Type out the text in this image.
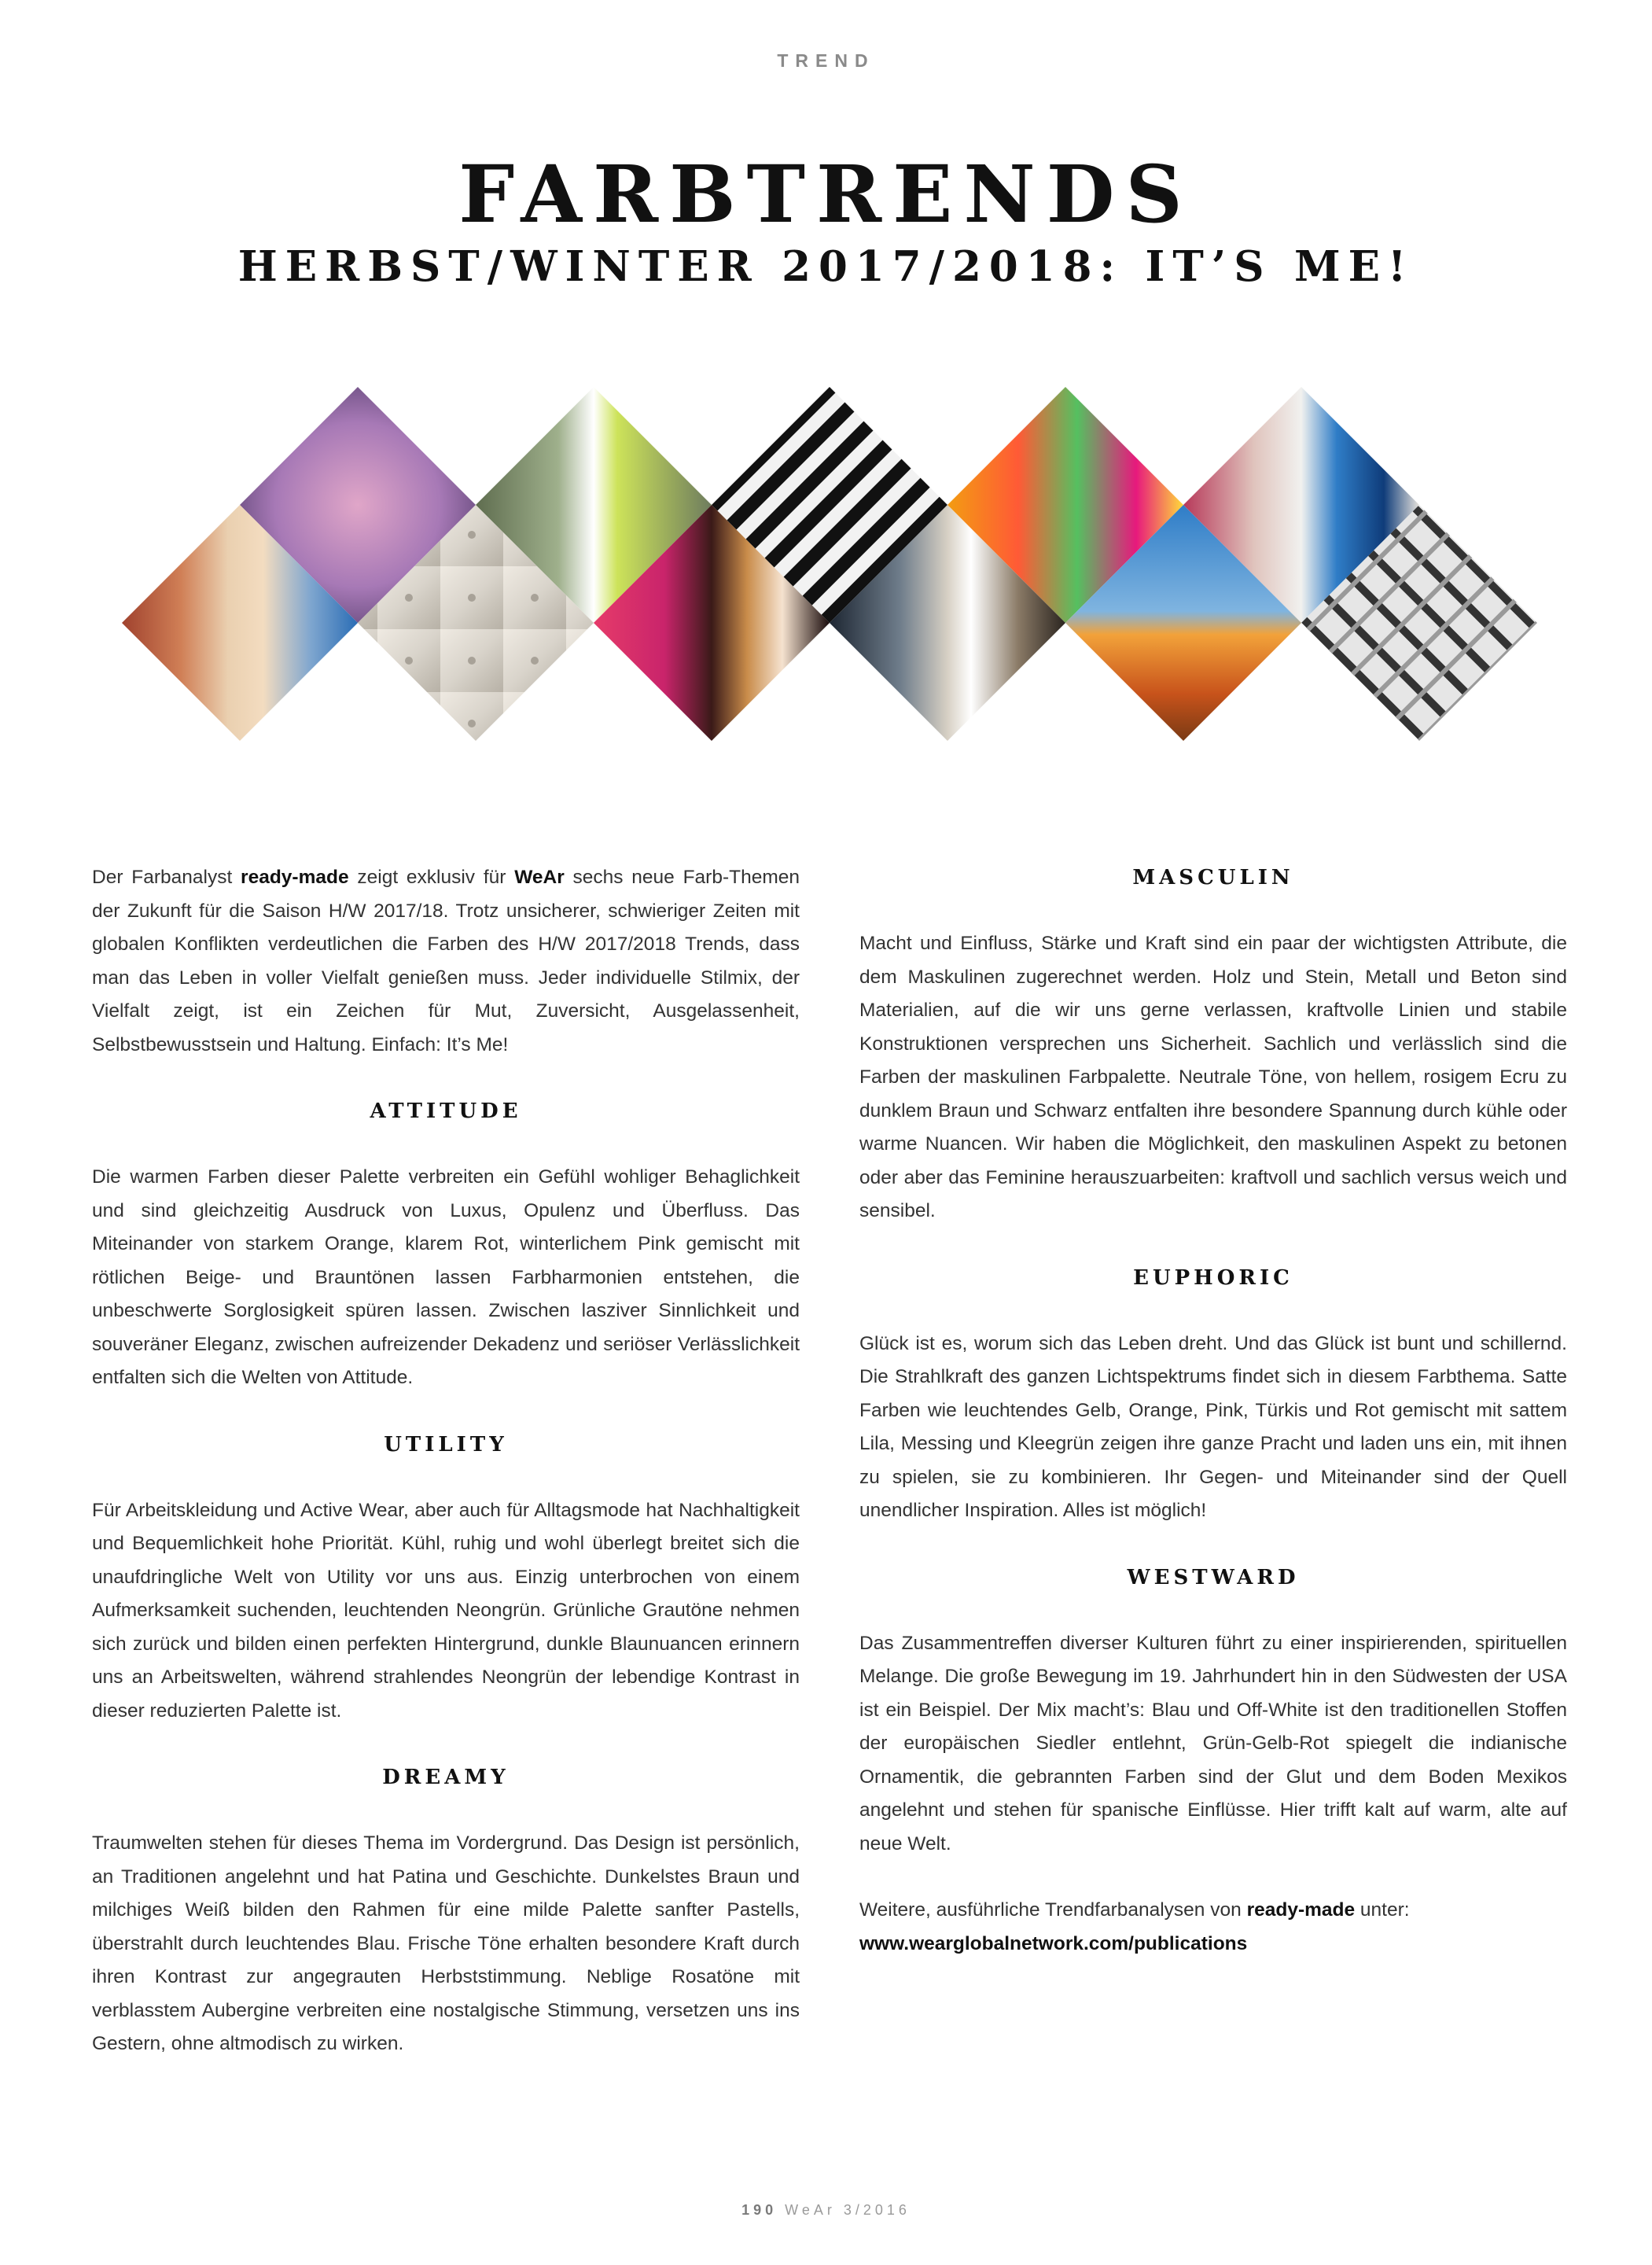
TREND
FARBTRENDS
HERBST/WINTER 2017/2018: IT’S ME!

Der Farbanalyst ready-made zeigt exklusiv für WeAr sechs neue Farb-Themen der Zukunft für die Saison H/W 2017/18. Trotz unsicherer, schwieriger Zeiten mit globalen Konflikten verdeutlichen die Farben des H/W 2017/2018 Trends, dass man das Leben in voller Vielfalt genießen muss. Jeder individuelle Stilmix, der Vielfalt zeigt, ist ein Zeichen für Mut, Zuversicht, Ausgelassenheit, Selbstbewusstsein und Haltung. Einfach: It’s Me!

ATTITUDE

Die warmen Farben dieser Palette verbreiten ein Gefühl wohliger Behaglichkeit und sind gleichzeitig Ausdruck von Luxus, Opulenz und Überfluss. Das Miteinander von starkem Orange, klarem Rot, winterlichem Pink gemischt mit rötlichen Beige- und Brauntönen lassen Farbharmonien entstehen, die unbeschwerte Sorglosigkeit spüren lassen. Zwischen lasziver Sinnlichkeit und souveräner Eleganz, zwischen aufreizender Dekadenz und seriöser Verlässlichkeit entfalten sich die Welten von Attitude.

UTILITY

Für Arbeitskleidung und Active Wear, aber auch für Alltagsmode hat Nachhaltigkeit und Bequemlichkeit hohe Priorität. Kühl, ruhig und wohl überlegt breitet sich die unaufdringliche Welt von Utility vor uns aus. Einzig unterbrochen von einem Aufmerksamkeit suchenden, leuchtenden Neongrün. Grünliche Grautöne nehmen sich zurück und bilden einen perfekten Hintergrund, dunkle Blaunuancen erinnern uns an Arbeitswelten, während strahlendes Neongrün der lebendige Kontrast in dieser reduzierten Palette ist.

DREAMY

Traumwelten stehen für dieses Thema im Vordergrund. Das Design ist persönlich, an Traditionen angelehnt und hat Patina und Geschichte. Dunkelstes Braun und milchiges Weiß bilden den Rahmen für eine milde Palette sanfter Pastells, überstrahlt durch leuchtendes Blau. Frische Töne erhalten besondere Kraft durch ihren Kontrast zur angegrauten Herbststimmung. Neblige Rosatöne mit verblasstem Aubergine verbreiten eine nostalgische Stimmung, versetzen uns ins Gestern, ohne altmodisch zu wirken.

MASCULIN

Macht und Einfluss, Stärke und Kraft sind ein paar der wichtigsten Attribute, die dem Maskulinen zugerechnet werden. Holz und Stein, Metall und Beton sind Materialien, auf die wir uns gerne verlassen, kraftvolle Linien und stabile Konstruktionen versprechen uns Sicherheit. Sachlich und verlässlich sind die Farben der maskulinen Farbpalette. Neutrale Töne, von hellem, rosigem Ecru zu dunklem Braun und Schwarz entfalten ihre besondere Spannung durch kühle oder warme Nuancen. Wir haben die Möglichkeit, den maskulinen Aspekt zu betonen oder aber das Feminine herauszuarbeiten: kraftvoll und sachlich versus weich und sensibel.

EUPHORIC

Glück ist es, worum sich das Leben dreht. Und das Glück ist bunt und schillernd. Die Strahlkraft des ganzen Lichtspektrums findet sich in diesem Farbthema. Satte Farben wie leuchtendes Gelb, Orange, Pink, Türkis und Rot gemischt mit sattem Lila, Messing und Kleegrün zeigen ihre ganze Pracht und laden uns ein, mit ihnen zu spielen, sie zu kombinieren. Ihr Gegen- und Miteinander sind der Quell unendlicher Inspiration. Alles ist möglich!

WESTWARD

Das Zusammentreffen diverser Kulturen führt zu einer inspirierenden, spirituellen Melange. Die große Bewegung im 19. Jahrhundert hin in den Südwesten der USA ist ein Beispiel. Der Mix macht’s: Blau und Off-White ist den traditionellen Stoffen der europäischen Siedler entlehnt, Grün-Gelb-Rot spiegelt die indianische Ornamentik, die gebrannten Farben sind der Glut und dem Boden Mexikos angelehnt und stehen für spanische Einflüsse. Hier trifft kalt auf warm, alte auf neue Welt.

Weitere, ausführliche Trendfarbanalysen von ready-made unter:
www.wearglobalnetwork.com/publications

190 WeAr 3/2016
